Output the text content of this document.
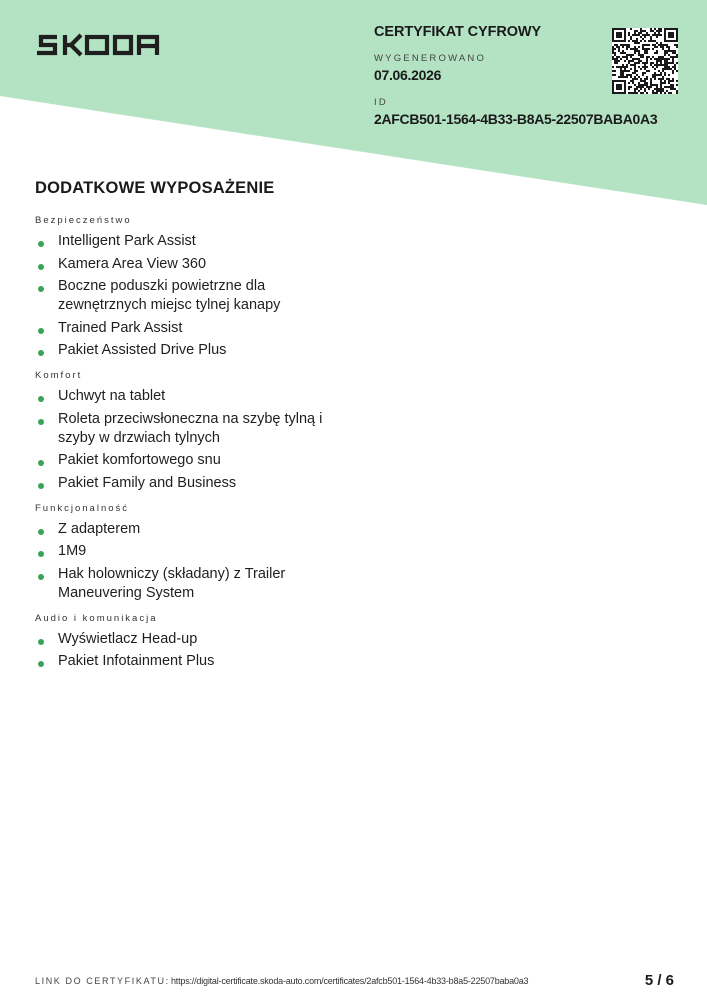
CERTYFIKAT CYFROWY
WYGENEROWANO
07.06.2026
ID
2AFCB501-1564-4B33-B8A5-22507BABA0A3
DODATKOWE WYPOSAŻENIE
Bezpieczeństwo
Intelligent Park Assist
Kamera Area View 360
Boczne poduszki powietrzne dla zewnętrznych miejsc tylnej kanapy
Trained Park Assist
Pakiet Assisted Drive Plus
Komfort
Uchwyt na tablet
Roleta przeciwsłoneczna na szybę tylną i szyby w drzwiach tylnych
Pakiet komfortowego snu
Pakiet Family and Business
Funkcjonalność
Z adapterem
1M9
Hak holowniczy (składany) z Trailer Maneuvering System
Audio i komunikacja
Wyświetlacz Head-up
Pakiet Infotainment Plus
LINK DO CERTYFIKATU: https://digital-certificate.skoda-auto.com/certificates/2afcb501-1564-4b33-b8a5-22507baba0a3	5 / 6
